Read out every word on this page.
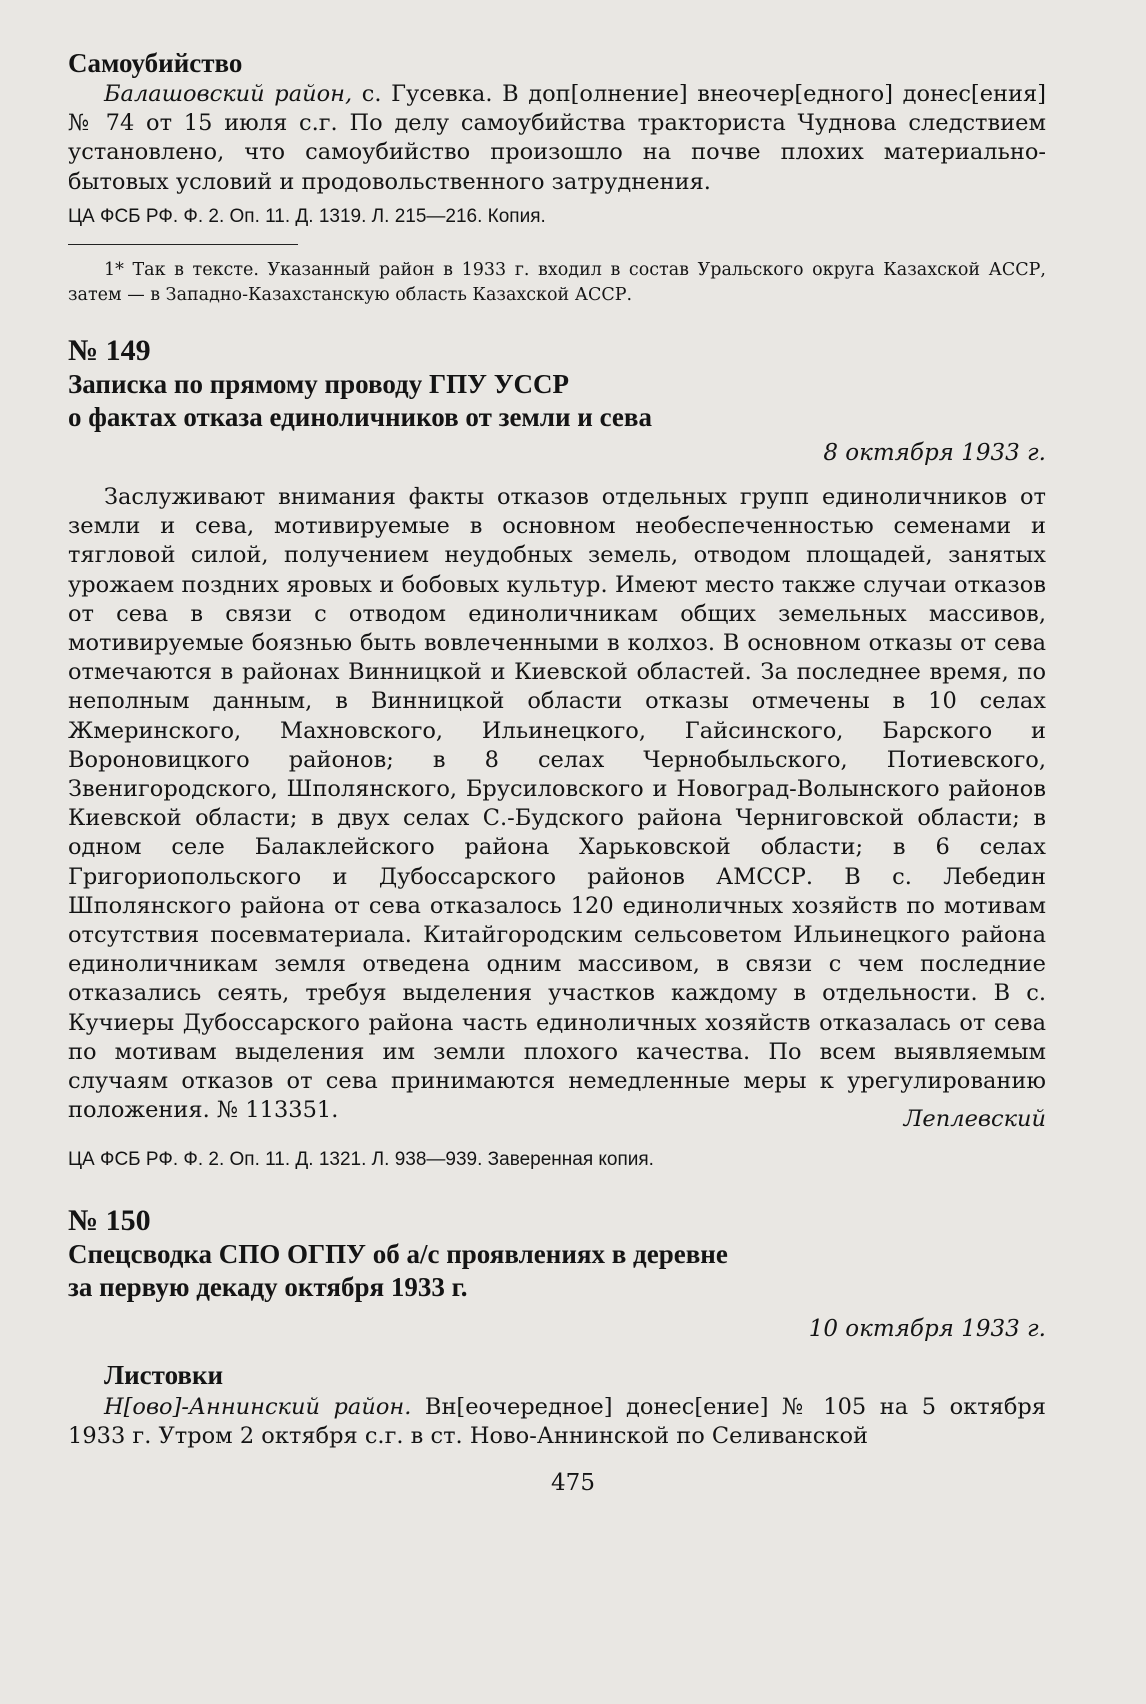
Самоубийство

Балашовский район, с. Гусевка. В доп[олнение] внеочер[едного] донес[ения] № 74 от 15 июля с.г. По делу самоубийства тракториста Чуднова следствием установлено, что самоубийство произошло на почве плохих материально-бытовых условий и продовольственного затруднения.

ЦА ФСБ РФ. Ф. 2. Оп. 11. Д. 1319. Л. 215—216. Копия.

1* Так в тексте. Указанный район в 1933 г. входил в состав Уральского округа Казахской АССР, затем — в Западно-Казахстанскую область Казахской АССР.

№ 149

Записка по прямому проводу ГПУ УССР

о фактах отказа единоличников от земли и сева

8 октября 1933 г.

Заслуживают внимания факты отказов отдельных групп единоличников от земли и сева, мотивируемые в основном необеспеченностью семенами и тягловой силой, получением неудобных земель, отводом площадей, занятых урожаем поздних яровых и бобовых культур. Имеют место также случаи отказов от сева в связи с отводом единоличникам общих земельных массивов, мотивируемые боязнью быть вовлеченными в колхоз. В основном отказы от сева отмечаются в районах Винницкой и Киевской областей. За последнее время, по неполным данным, в Винницкой области отказы отмечены в 10 селах Жмеринского, Махновского, Ильинецкого, Гайсинского, Барского и Вороновицкого районов; в 8 селах Чернобыльского, Потиевского, Звенигородского, Шполянского, Брусиловского и Новоград-Волынского районов Киевской области; в двух селах С.-Будского района Черниговской области; в одном селе Балаклейского района Харьковской области; в 6 селах Григориопольского и Дубоссарского районов АМССР. В с. Лебедин Шполянского района от сева отказалось 120 единоличных хозяйств по мотивам отсутствия посевматериала. Китайгородским сельсоветом Ильинецкого района единоличникам земля отведена одним массивом, в связи с чем последние отказались сеять, требуя выделения участков каждому в отдельности. В с. Кучиеры Дубоссарского района часть единоличных хозяйств отказалась от сева по мотивам выделения им земли плохого качества. По всем выявляемым случаям отказов от сева принимаются немедленные меры к урегулированию положения. № 113351.	Леплевский

ЦА ФСБ РФ. Ф. 2. Оп. 11. Д. 1321. Л. 938—939. Заверенная копия.

№ 150

Спецсводка СПО ОГПУ об а/с проявлениях в деревне

за первую декаду октября 1933 г.

10 октября 1933 г.

Листовки

Н[ово]-Аннинский район. Вн[еочередное] донес[ение] № 105 на 5 октября 1933 г. Утром 2 октября с.г. в ст. Ново-Аннинской по Селиванской

475
